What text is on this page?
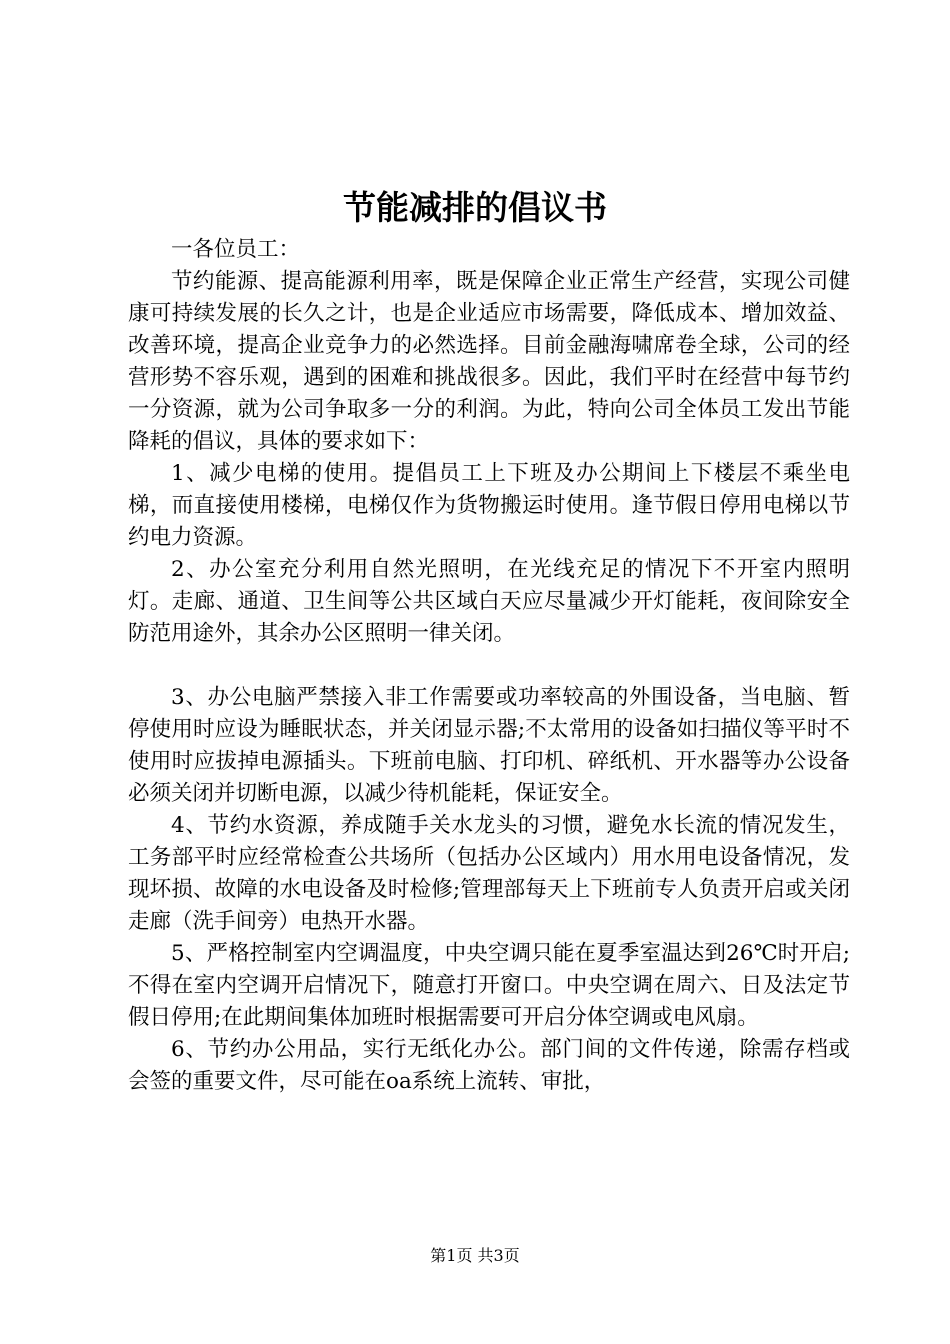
节能减排的倡议书

一各位员工：

节约能源、提高能源利用率，既是保障企业正常生产经营，实现公司健康可持续发展的长久之计，也是企业适应市场需要，降低成本、增加效益、改善环境，提高企业竞争力的必然选择。目前金融海啸席卷全球，公司的经营形势不容乐观，遇到的困难和挑战很多。因此，我们平时在经营中每节约一分资源，就为公司争取多一分的利润。为此，特向公司全体员工发出节能降耗的倡议，具体的要求如下：

1、减少电梯的使用。提倡员工上下班及办公期间上下楼层不乘坐电梯，而直接使用楼梯，电梯仅作为货物搬运时使用。逢节假日停用电梯以节约电力资源。

2、办公室充分利用自然光照明，在光线充足的情况下不开室内照明灯。走廊、通道、卫生间等公共区域白天应尽量减少开灯能耗，夜间除安全防范用途外，其余办公区照明一律关闭。

3、办公电脑严禁接入非工作需要或功率较高的外围设备，当电脑、暂停使用时应设为睡眠状态，并关闭显示器;不太常用的设备如扫描仪等平时不使用时应拔掉电源插头。下班前电脑、打印机、碎纸机、开水器等办公设备必须关闭并切断电源，以减少待机能耗，保证安全。

4、节约水资源，养成随手关水龙头的习惯，避免水长流的情况发生，工务部平时应经常检查公共场所（包括办公区域内）用水用电设备情况，发现坏损、故障的水电设备及时检修;管理部每天上下班前专人负责开启或关闭走廊（洗手间旁）电热开水器。

5、严格控制室内空调温度，中央空调只能在夏季室温达到26℃时开启;不得在室内空调开启情况下，随意打开窗口。中央空调在周六、日及法定节假日停用;在此期间集体加班时根据需要可开启分体空调或电风扇。

6、节约办公用品，实行无纸化办公。部门间的文件传递，除需存档或会签的重要文件，尽可能在oa系统上流转、审批，

第1页 共3页
